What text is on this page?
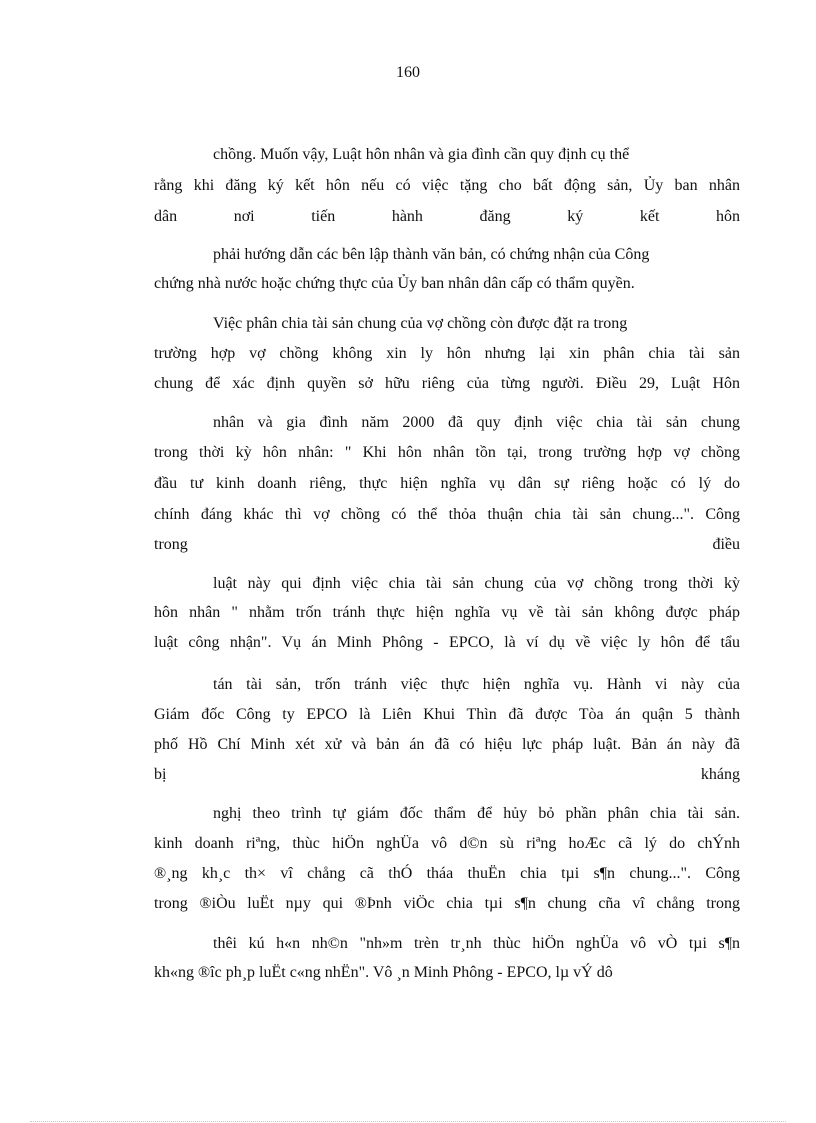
160
chồng. Muốn vậy, Luật hôn nhân và gia đình cần quy định cụ thể
rằng khi đăng ký kết hôn nếu có việc tặng cho bất động sản, Ủy ban nhân
dân nơi tiến hành đăng ký kết hôn
phải hướng dẫn các bên lập thành văn bản, có chứng nhận của Công
chứng nhà nước hoặc chứng thực của Ủy ban nhân dân cấp có thẩm quyền.
Việc phân chia tài sản chung của vợ chồng còn được đặt ra trong
trường hợp vợ chồng không xin ly hôn nhưng lại xin phân chia tài sản
chung để xác định quyền sở hữu riêng của từng người. Điều 29, Luật Hôn
nhân và gia đình năm 2000 đã quy định việc chia tài sản chung
trong thời kỳ hôn nhân: " Khi hôn nhân tồn tại, trong trường hợp vợ chồng
đầu tư kinh doanh riêng, thực hiện nghĩa vụ dân sự riêng hoặc có lý do
chính đáng khác thì vợ chồng có thể thỏa thuận chia tài sản chung...". Công
trong điều
luật này qui định việc chia tài sản chung của vợ chồng trong thời kỳ
hôn nhân " nhằm trốn tránh thực hiện nghĩa vụ về tài sản không được pháp
luật công nhận". Vụ án Minh Phông - EPCO, là ví dụ về việc ly hôn để tẩu
tán tài sản, trốn tránh việc thực hiện nghĩa vụ. Hành vi này của
Giám đốc Công ty EPCO là Liên Khui Thìn đã được Tòa án quận 5 thành
phố Hồ Chí Minh xét xử và bản án đã có hiệu lực pháp luật. Bản án này đã
bị kháng
nghị theo trình tự giám đốc thẩm để hủy bỏ phần phân chia tài sản.
kinh doanh riªng, thùc hiÖn nghÜa vô d©n sù riªng hoÆc cã lý do chÝnh
®¸ng kh¸c th× vî chång cã thÓ tháa thuËn chia tµi s¶n chung...". Công
trong ®iÒu luËt nµy qui ®Þnh viÖc chia tµi s¶n chung cña vî chång trong
thêi kú h«n nh©n "nh»m trèn tr¸nh thùc hiÖn nghÜa vô vÒ tµi s¶n
kh«ng ®îc ph¸p luËt c«ng nhËn". Vô ¸n Minh Phông - EPCO, lµ vÝ dô
